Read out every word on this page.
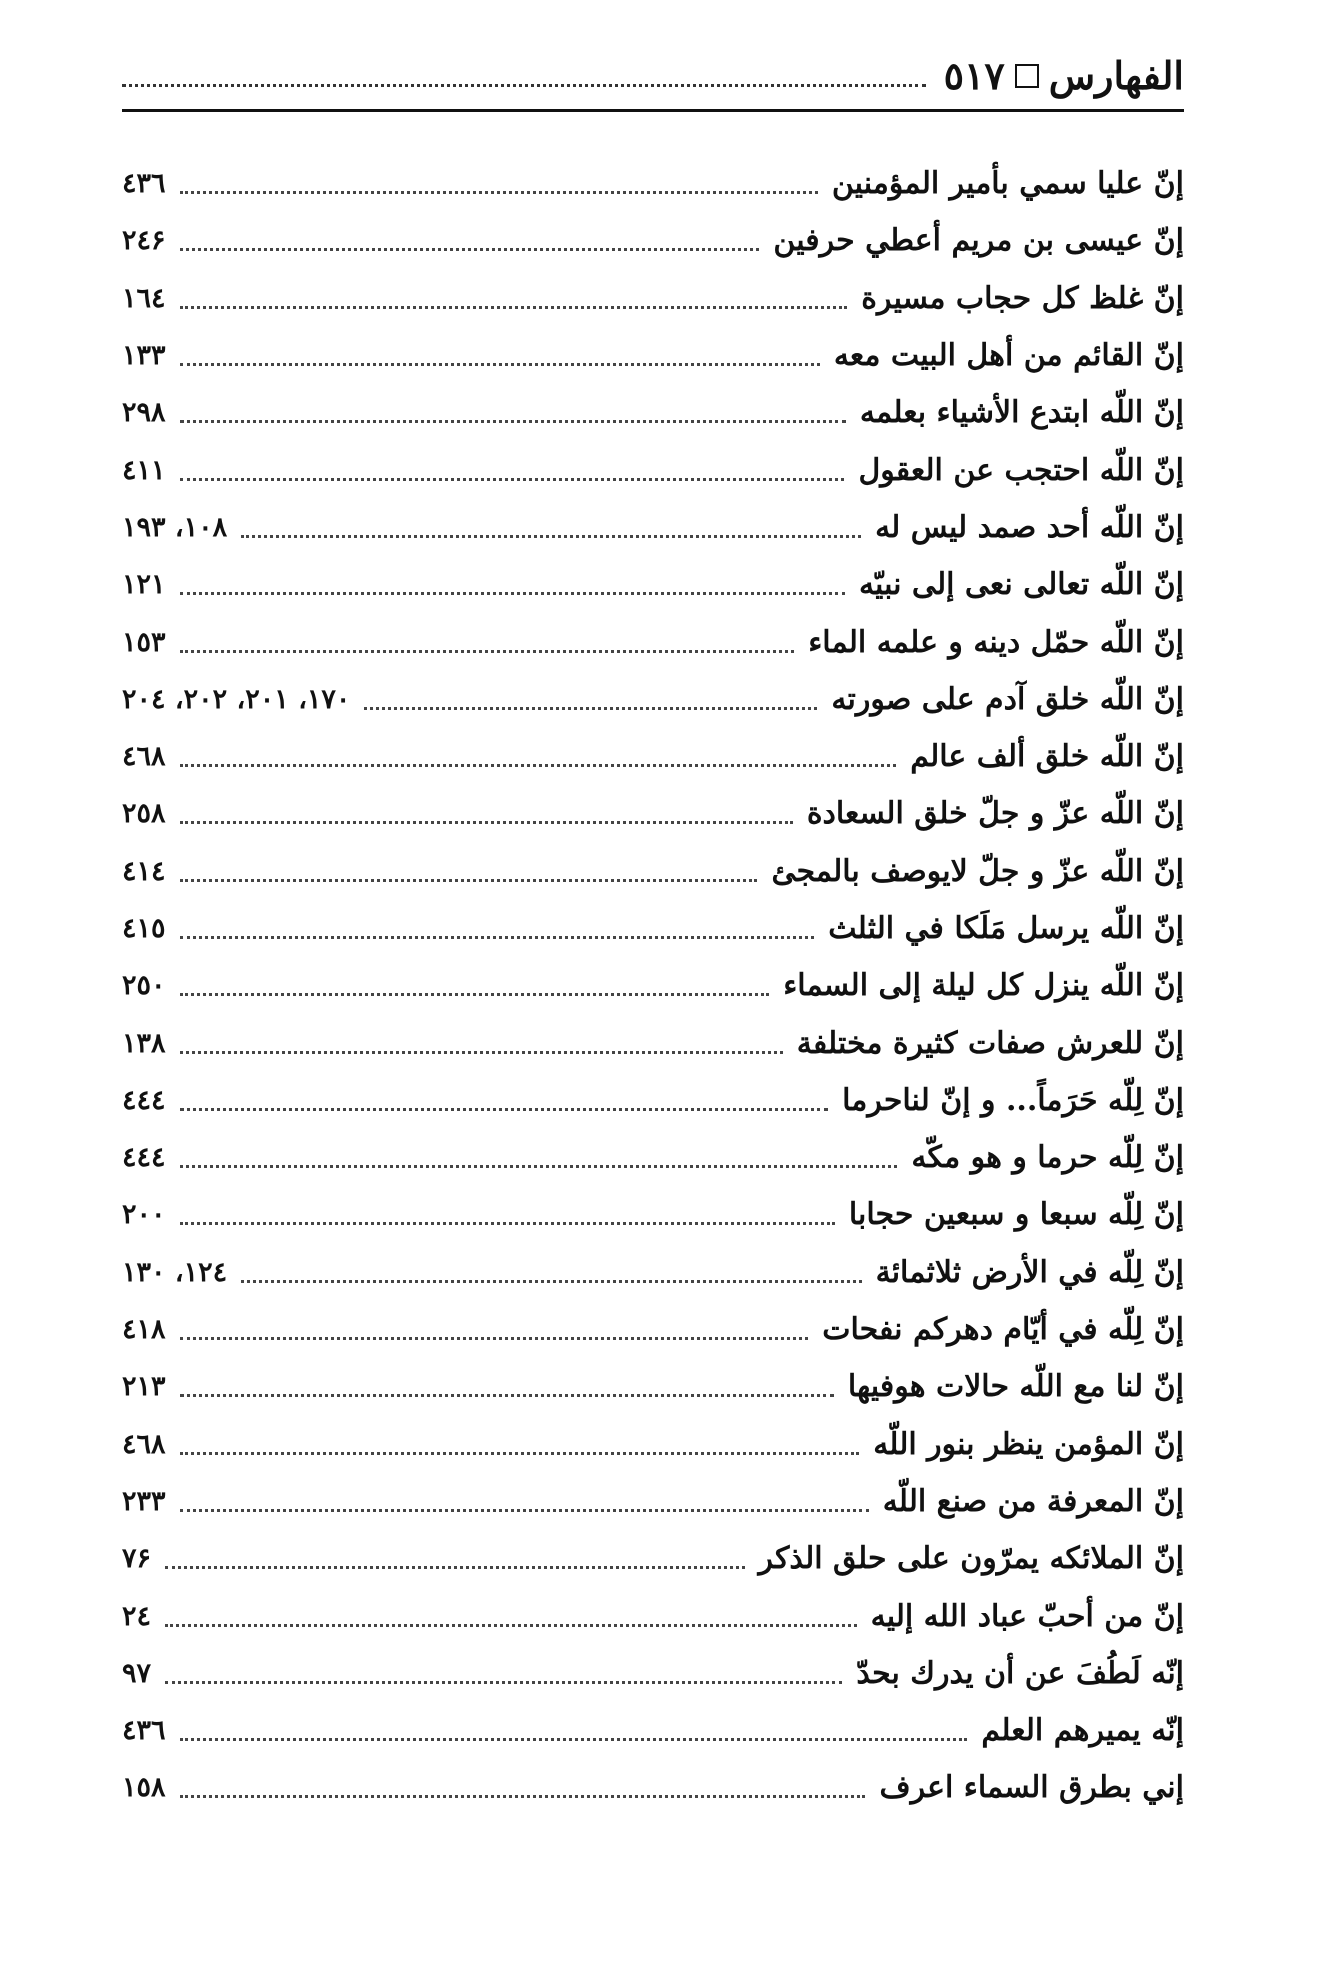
الفهارس
٥١٧
إنّ عليا سمي بأمير المؤمنين
٤٣٦
إنّ عيسى بن مريم أعطي حرفين
٢٤۶
إنّ غلظ كل حجاب مسيرة
١٦٤
إنّ القائم من أهل البيت معه
١٣٣
إنّ اللّه ابتدع الأشياء بعلمه
٢٩٨
إنّ اللّه احتجب عن العقول
٤١١
إنّ اللّه أحد صمد ليس له
١٠٨، ١٩٣
إنّ اللّه تعالى نعى إلى نبيّه
١٢١
إنّ اللّه حمّل دينه و علمه الماء
١٥٣
إنّ اللّه خلق آدم على صورته
١٧٠، ٢٠١، ٢٠٢، ٢٠٤
إنّ اللّه خلق ألف عالم
٤٦٨
إنّ اللّه عزّ و جلّ خلق السعادة
٢٥٨
إنّ اللّه عزّ و جلّ لايوصف بالمجئ
٤١٤
إنّ اللّه يرسل مَلَكا في الثلث
٤١٥
إنّ اللّه ينزل كل ليلة إلى السماء
٢٥٠
إنّ للعرش صفات كثيرة مختلفة
١٣٨
إنّ لِلّه حَرَماً... و إنّ لناحرما
٤٤٤
إنّ لِلّه حرما و هو مكّه
٤٤٤
إنّ لِلّه سبعا و سبعين حجابا
٢٠٠
إنّ لِلّه في الأرض ثلاثمائة
١٢٤، ١٣٠
إنّ لِلّه في أيّام دهركم نفحات
٤١٨
إنّ لنا مع اللّه حالات هوفيها
٢١٣
إنّ المؤمن ينظر بنور اللّه
٤٦٨
إنّ المعرفة من صنع اللّه
٢٣٣
إنّ الملائكه يمرّون على حلق الذكر
٧۶
إنّ من أحبّ عباد الله إليه
٢٤
إنّه لَطُفَ عن أن يدرك بحدّ
٩٧
إنّه يميرهم العلم
٤٣٦
إني بطرق السماء اعرف
١٥٨
